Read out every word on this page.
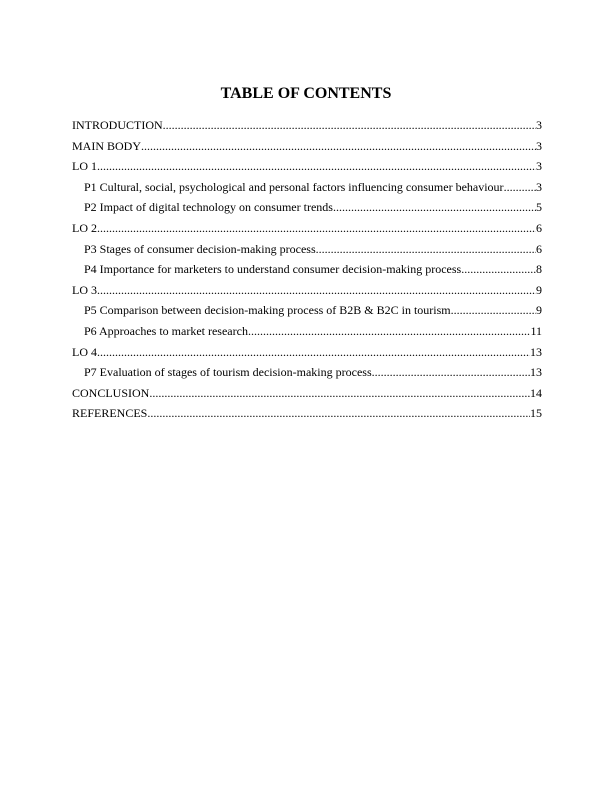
TABLE OF CONTENTS
INTRODUCTION .....	3
MAIN BODY .....	3
LO 1 .....	3
P1 Cultural, social, psychological and personal factors influencing consumer behaviour .....	3
P2 Impact of digital technology on consumer trends .....	5
LO 2 .....	6
P3 Stages of consumer decision-making process .....	6
P4 Importance for marketers to understand consumer decision-making process .....	8
LO 3 .....	9
P5 Comparison between decision-making process of B2B & B2C in tourism .....	9
P6 Approaches to market research .....	11
LO 4 .....	13
P7 Evaluation of stages of tourism decision-making process .....	13
CONCLUSION .....	14
REFERENCES .....	15
